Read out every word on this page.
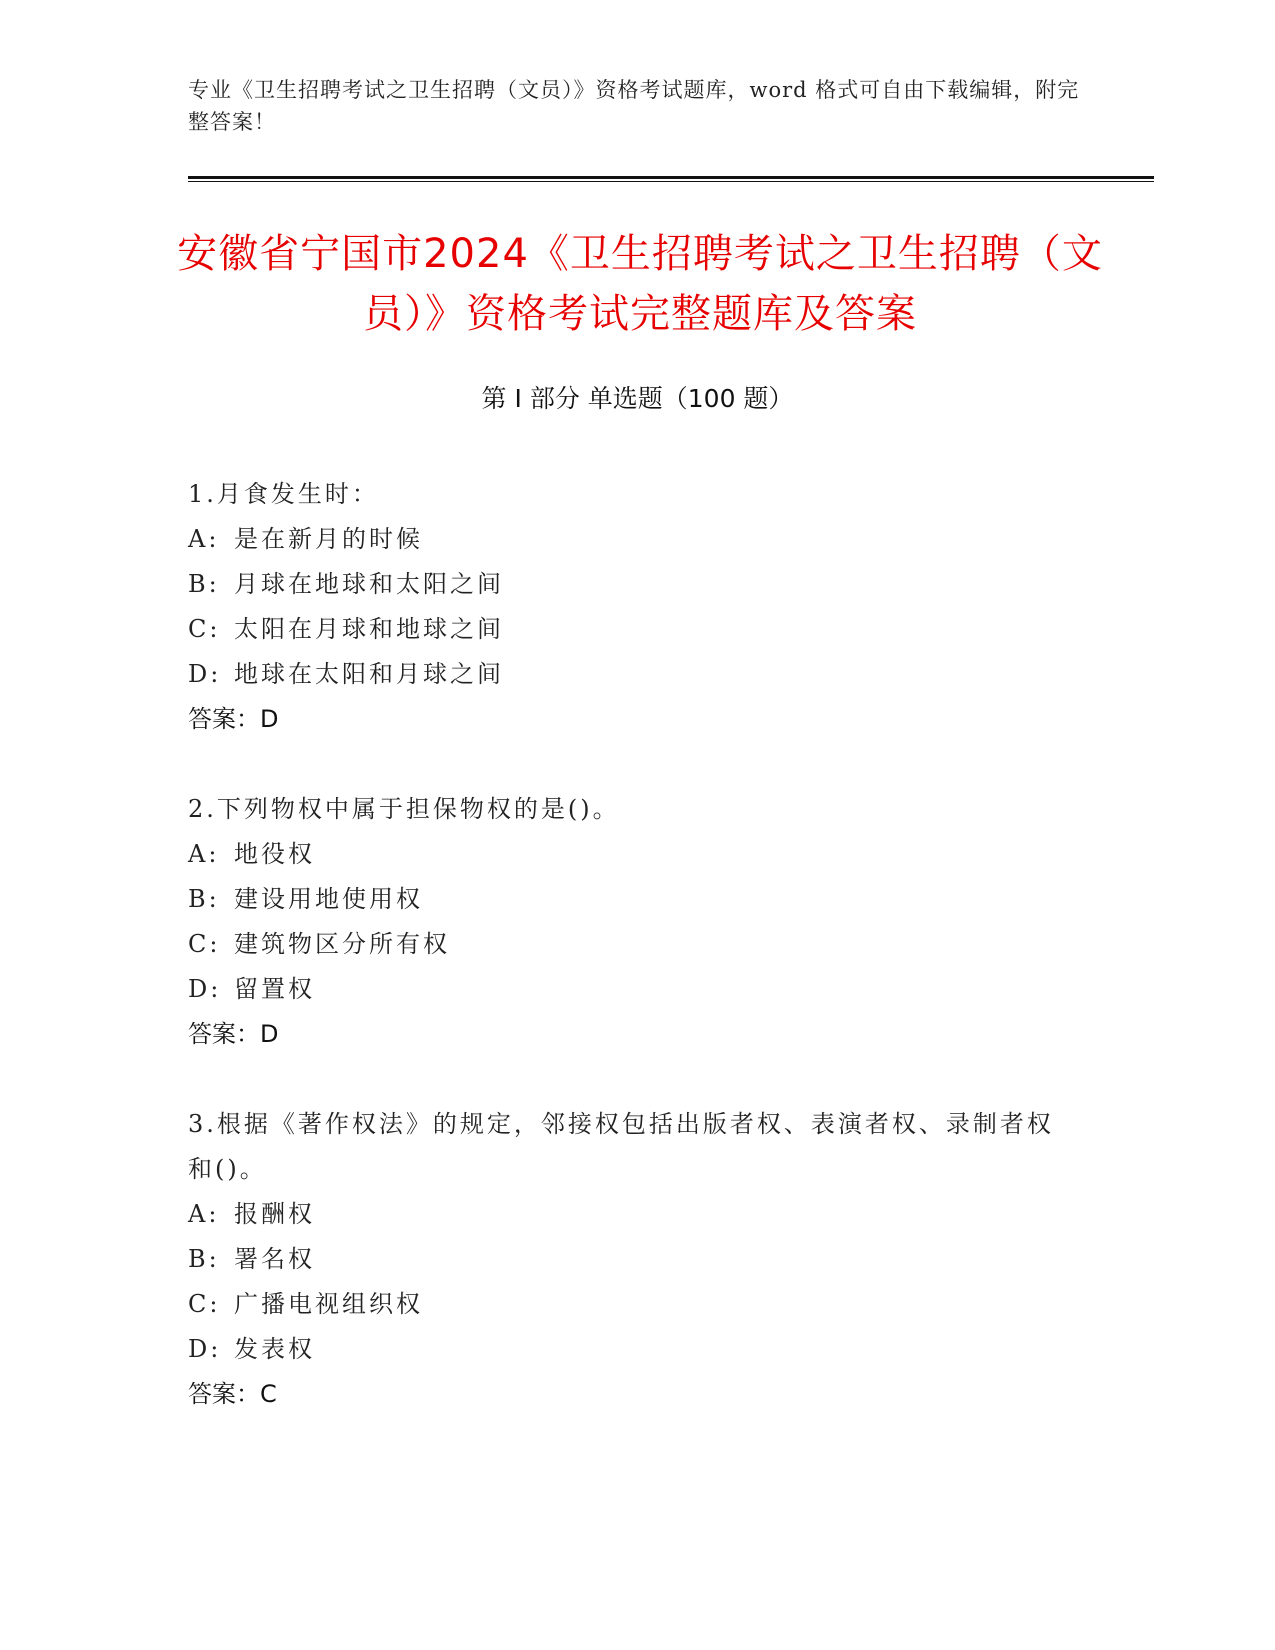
专业《卫生招聘考试之卫生招聘（文员）》资格考试题库，word 格式可自由下载编辑，附完整答案！
安徽省宁国市2024《卫生招聘考试之卫生招聘（文员）》资格考试完整题库及答案
第 I 部分 单选题（100 题）
1.月食发生时：
A: 是在新月的时候
B: 月球在地球和太阳之间
C: 太阳在月球和地球之间
D: 地球在太阳和月球之间
答案：D
2.下列物权中属于担保物权的是()。
A: 地役权
B: 建设用地使用权
C: 建筑物区分所有权
D: 留置权
答案：D
3.根据《著作权法》的规定，邻接权包括出版者权、表演者权、录制者权和()。
A: 报酬权
B: 署名权
C: 广播电视组织权
D: 发表权
答案：C
